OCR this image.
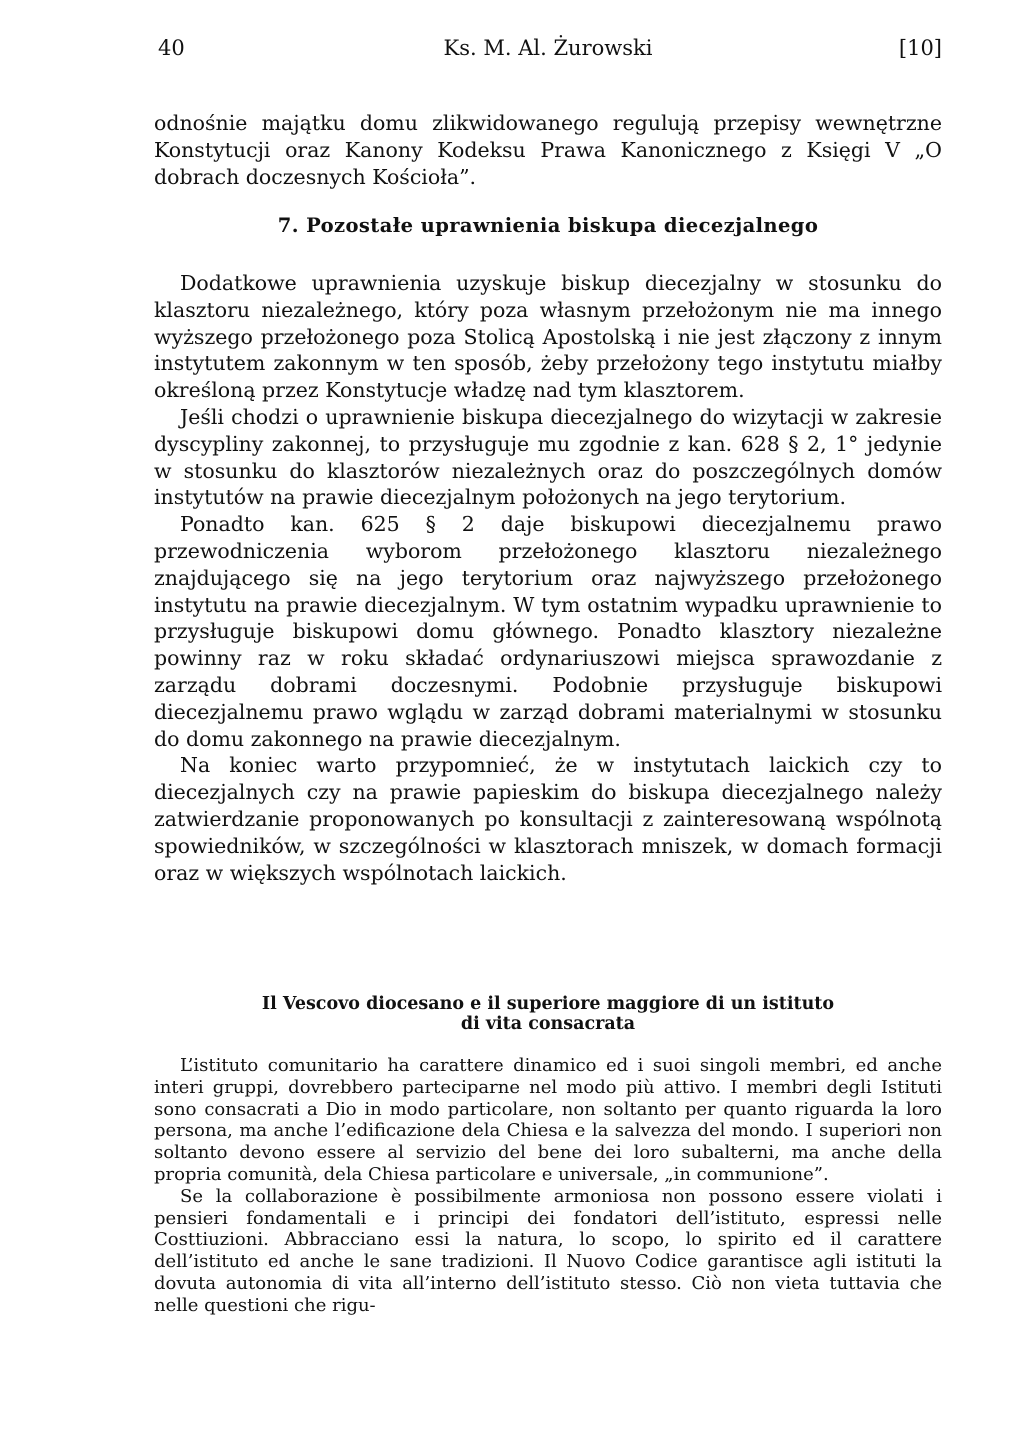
40	Ks. M. Al. Żurowski	[10]

odnośnie majątku domu zlikwidowanego regulują przepisy wewnętrzne Konstytucji oraz Kanony Kodeksu Prawa Kanonicznego z Księgi V „O dobrach doczesnych Kościoła”.

7. Pozostałe uprawnienia biskupa diecezjalnego

Dodatkowe uprawnienia uzyskuje biskup diecezjalny w stosunku do klasztoru niezależnego, który poza własnym przełożonym nie ma innego wyższego przełożonego poza Stolicą Apostolską i nie jest złączony z innym instytutem zakonnym w ten sposób, żeby przełożony tego instytutu miałby określoną przez Konstytucje władzę nad tym klasztorem.

Jeśli chodzi o uprawnienie biskupa diecezjalnego do wizytacji w zakresie dyscypliny zakonnej, to przysługuje mu zgodnie z kan. 628 § 2, 1° jedynie w stosunku do klasztorów niezależnych oraz do poszczególnych domów instytutów na prawie diecezjalnym położonych na jego terytorium.

Ponadto kan. 625 § 2 daje biskupowi diecezjalnemu prawo przewodniczenia wyborom przełożonego klasztoru niezależnego znajdującego się na jego terytorium oraz najwyższego przełożonego instytutu na prawie diecezjalnym. W tym ostatnim wypadku uprawnienie to przysługuje biskupowi domu głównego. Ponadto klasztory niezależne powinny raz w roku składać ordynariuszowi miejsca sprawozdanie z zarządu dobrami doczesnymi. Podobnie przysługuje biskupowi diecezjalnemu prawo wglądu w zarząd dobrami materialnymi w stosunku do domu zakonnego na prawie diecezjalnym.

Na koniec warto przypomnieć, że w instytutach laickich czy to diecezjalnych czy na prawie papieskim do biskupa diecezjalnego należy zatwierdzanie proponowanych po konsultacji z zainteresowaną wspólnotą spowiedników, w szczególności w klasztorach mniszek, w domach formacji oraz w większych wspólnotach laickich.

Il Vescovo diocesano e il superiore maggiore di un istituto
di vita consacrata

L’istituto comunitario ha carattere dinamico ed i suoi singoli membri, ed anche interi gruppi, dovrebbero parteciparne nel modo più attivo. I membri degli Istituti sono consacrati a Dio in modo particolare, non soltanto per quanto riguarda la loro persona, ma anche l’edificazione dela Chiesa e la salvezza del mondo. I superiori non soltanto devono essere al servizio del bene dei loro subalterni, ma anche della propria comunità, dela Chiesa particolare e universale, „in communione”.

Se la collaborazione è possibilmente armoniosa non possono essere violati i pensieri fondamentali e i principi dei fondatori dell’istituto, espressi nelle Costtiuzioni. Abbracciano essi la natura, lo scopo, lo spirito ed il carattere dell’istituto ed anche le sane tradizioni. Il Nuovo Codice garantisce agli istituti la dovuta autonomia di vita all’interno dell’istituto stesso. Ciò non vieta tuttavia che nelle questioni che rigu-
